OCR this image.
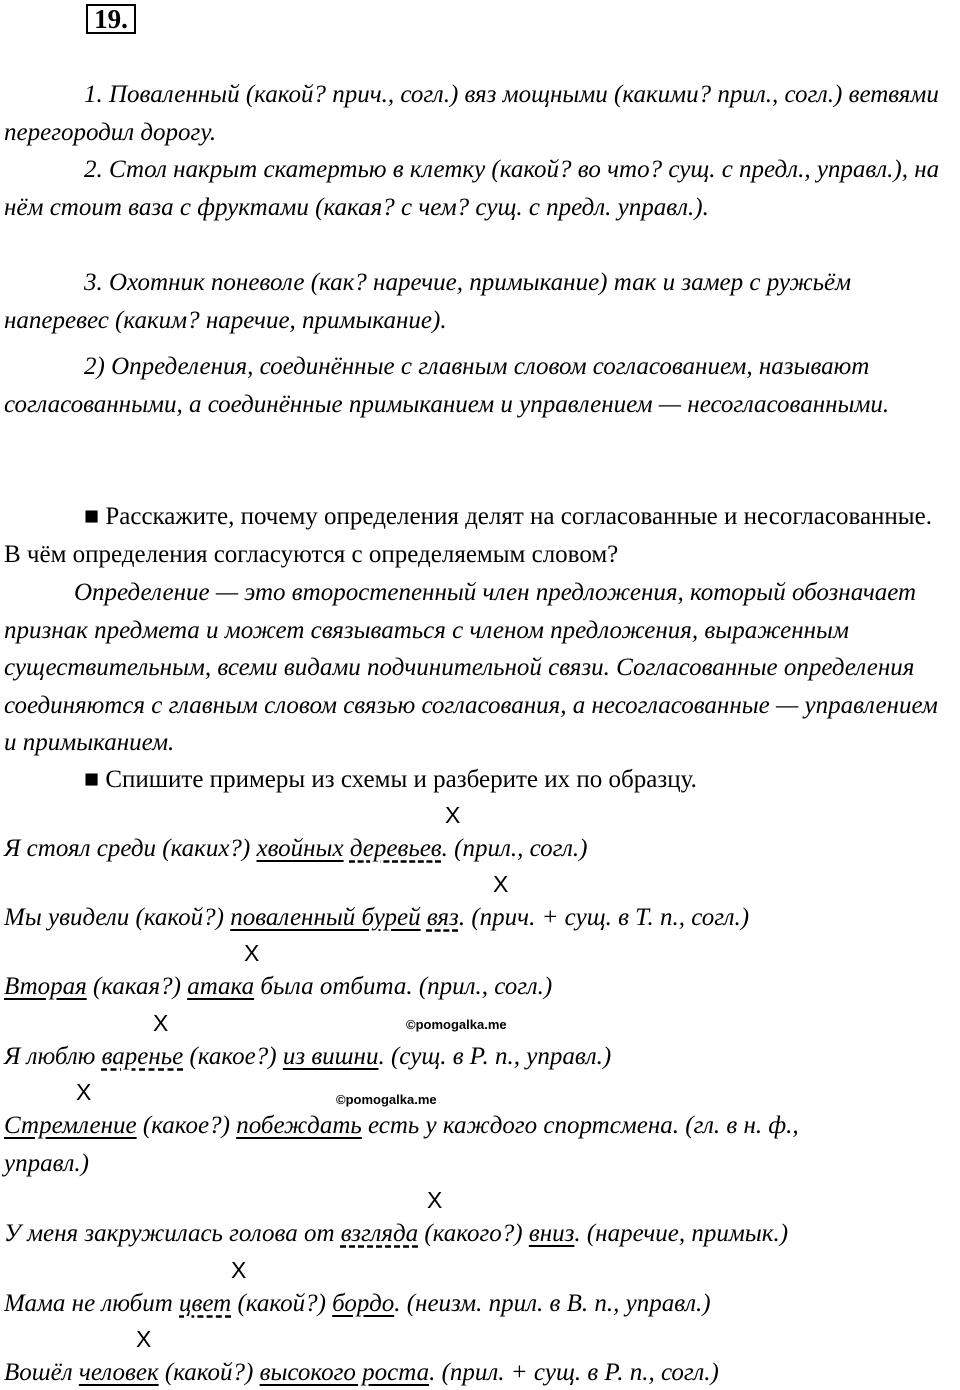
19.

1. Поваленный (какой? прич., согл.) вяз мощными (какими? прил., согл.) ветвями перегородил дорогу.

2. Стол накрыт скатертью в клетку (какой? во что? сущ. с предл., управл.), на нём стоит ваза с фруктами (какая? с чем? сущ. с предл. управл.).

3. Охотник поневоле (как? наречие, примыкание) так и замер с ружьём наперевес (каким? наречие, примыкание).

2) Определения, соединённые с главным словом согласованием, называют согласованными, а соединённые примыканием и управлением — несогласованными.

■ Расскажите, почему определения делят на согласованные и несогласованные. В чём определения согласуются с определяемым словом?

Определение — это второстепенный член предложения, который обозначает признак предмета и может связываться с членом предложения, выраженным существительным, всеми видами подчинительной связи. Согласованные определения соединяются с главным словом связью согласования, а несогласованные — управлением и примыканием.

■ Спишите примеры из схемы и разберите их по образцу.

X
Я стоял среди (каких?) хвойных деревьев. (прил., согл.)
X
Мы увидели (какой?) поваленный бурей вяз. (прич. + сущ. в Т. п., согл.)
X
Вторая (какая?) атака была отбита. (прил., согл.)
X	©pomogalka.me
Я люблю варенье (какое?) из вишни. (сущ. в Р. п., управл.)
X	©pomogalka.me
Стремление (какое?) побеждать есть у каждого спортсмена. (гл. в н. ф.,
управл.)
X
У меня закружилась голова от взгляда (какого?) вниз. (наречие, примык.)
X
Мама не любит цвет (какой?) бордо. (неизм. прил. в В. п., управл.)
X
Вошёл человек (какой?) высокого роста. (прил. + сущ. в Р. п., согл.)
